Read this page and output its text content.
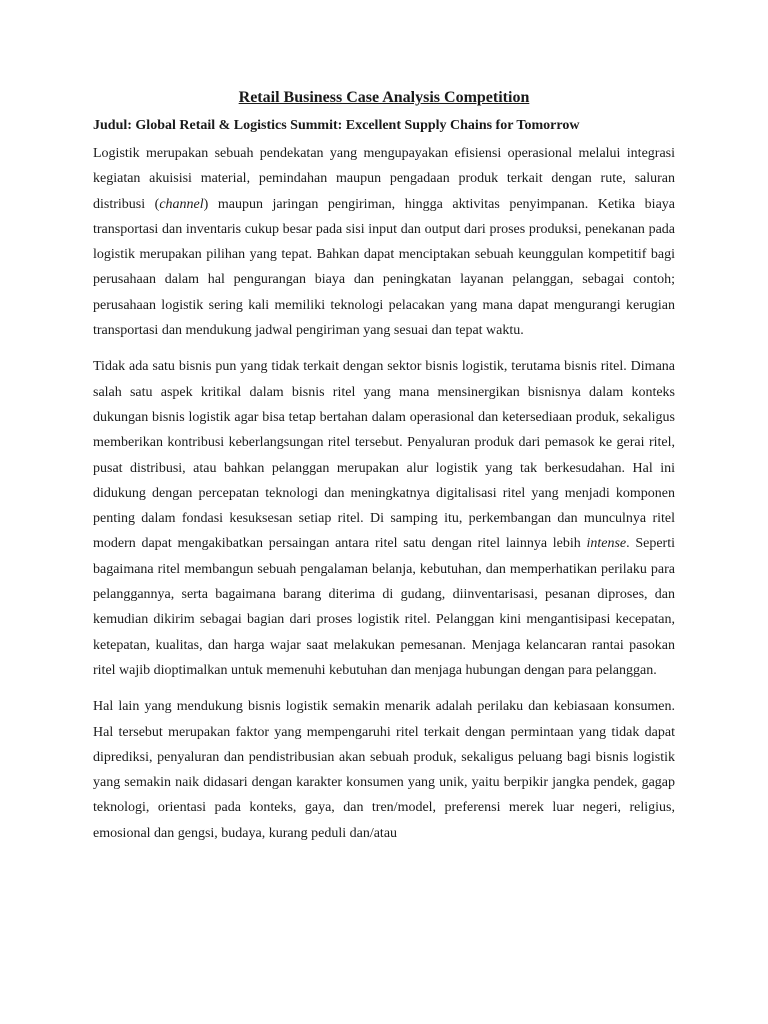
Retail Business Case Analysis Competition
Judul: Global Retail & Logistics Summit: Excellent Supply Chains for Tomorrow

Logistik merupakan sebuah pendekatan yang mengupayakan efisiensi operasional melalui integrasi kegiatan akuisisi material, pemindahan maupun pengadaan produk terkait dengan rute, saluran distribusi (channel) maupun jaringan pengiriman, hingga aktivitas penyimpanan. Ketika biaya transportasi dan inventaris cukup besar pada sisi input dan output dari proses produksi, penekanan pada logistik merupakan pilihan yang tepat. Bahkan dapat menciptakan sebuah keunggulan kompetitif bagi perusahaan dalam hal pengurangan biaya dan peningkatan layanan pelanggan, sebagai contoh; perusahaan logistik sering kali memiliki teknologi pelacakan yang mana dapat mengurangi kerugian transportasi dan mendukung jadwal pengiriman yang sesuai dan tepat waktu.

Tidak ada satu bisnis pun yang tidak terkait dengan sektor bisnis logistik, terutama bisnis ritel. Dimana salah satu aspek kritikal dalam bisnis ritel yang mana mensinergikan bisnisnya dalam konteks dukungan bisnis logistik agar bisa tetap bertahan dalam operasional dan ketersediaan produk, sekaligus memberikan kontribusi keberlangsungan ritel tersebut. Penyaluran produk dari pemasok ke gerai ritel, pusat distribusi, atau bahkan pelanggan merupakan alur logistik yang tak berkesudahan. Hal ini didukung dengan percepatan teknologi dan meningkatnya digitalisasi ritel yang menjadi komponen penting dalam fondasi kesuksesan setiap ritel. Di samping itu, perkembangan dan munculnya ritel modern dapat mengakibatkan persaingan antara ritel satu dengan ritel lainnya lebih intense. Seperti bagaimana ritel membangun sebuah pengalaman belanja, kebutuhan, dan memperhatikan perilaku para pelanggannya, serta bagaimana barang diterima di gudang, diinventarisasi, pesanan diproses, dan kemudian dikirim sebagai bagian dari proses logistik ritel. Pelanggan kini mengantisipasi kecepatan, ketepatan, kualitas, dan harga wajar saat melakukan pemesanan. Menjaga kelancaran rantai pasokan ritel wajib dioptimalkan untuk memenuhi kebutuhan dan menjaga hubungan dengan para pelanggan.

Hal lain yang mendukung bisnis logistik semakin menarik adalah perilaku dan kebiasaan konsumen. Hal tersebut merupakan faktor yang mempengaruhi ritel terkait dengan permintaan yang tidak dapat diprediksi, penyaluran dan pendistribusian akan sebuah produk, sekaligus peluang bagi bisnis logistik yang semakin naik didasari dengan karakter konsumen yang unik, yaitu berpikir jangka pendek, gagap teknologi, orientasi pada konteks, gaya, dan tren/model, preferensi merek luar negeri, religius, emosional dan gengsi, budaya, kurang peduli dan/atau
